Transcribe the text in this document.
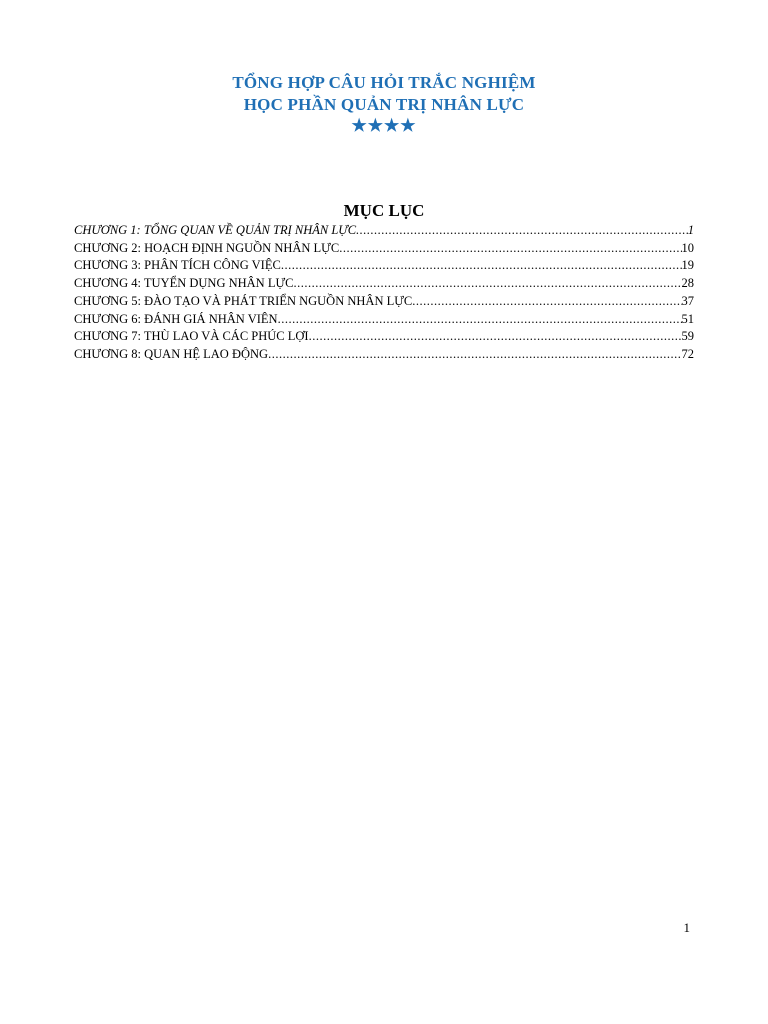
TỔNG HỢP CÂU HỎI TRẮC NGHIỆM
HỌC PHẦN QUẢN TRỊ NHÂN LỰC
★★★★
MỤC LỤC
CHƯƠNG 1: TỔNG QUAN VỀ QUẢN TRỊ NHÂN LỰC .....	1
CHƯƠNG 2: HOẠCH ĐỊNH NGUỒN NHÂN LỰC .....	10
CHƯƠNG 3: PHÂN TÍCH CÔNG VIỆC .....	19
CHƯƠNG 4: TUYỂN DỤNG NHÂN LỰC .....	28
CHƯƠNG 5: ĐÀO TẠO VÀ PHÁT TRIỂN NGUỒN NHÂN LỰC .....	37
CHƯƠNG 6: ĐÁNH GIÁ NHÂN VIÊN .....	51
CHƯƠNG 7: THÙ LAO VÀ CÁC PHÚC LỢI .....	59
CHƯƠNG 8: QUAN HỆ LAO ĐỘNG .....	72
1
